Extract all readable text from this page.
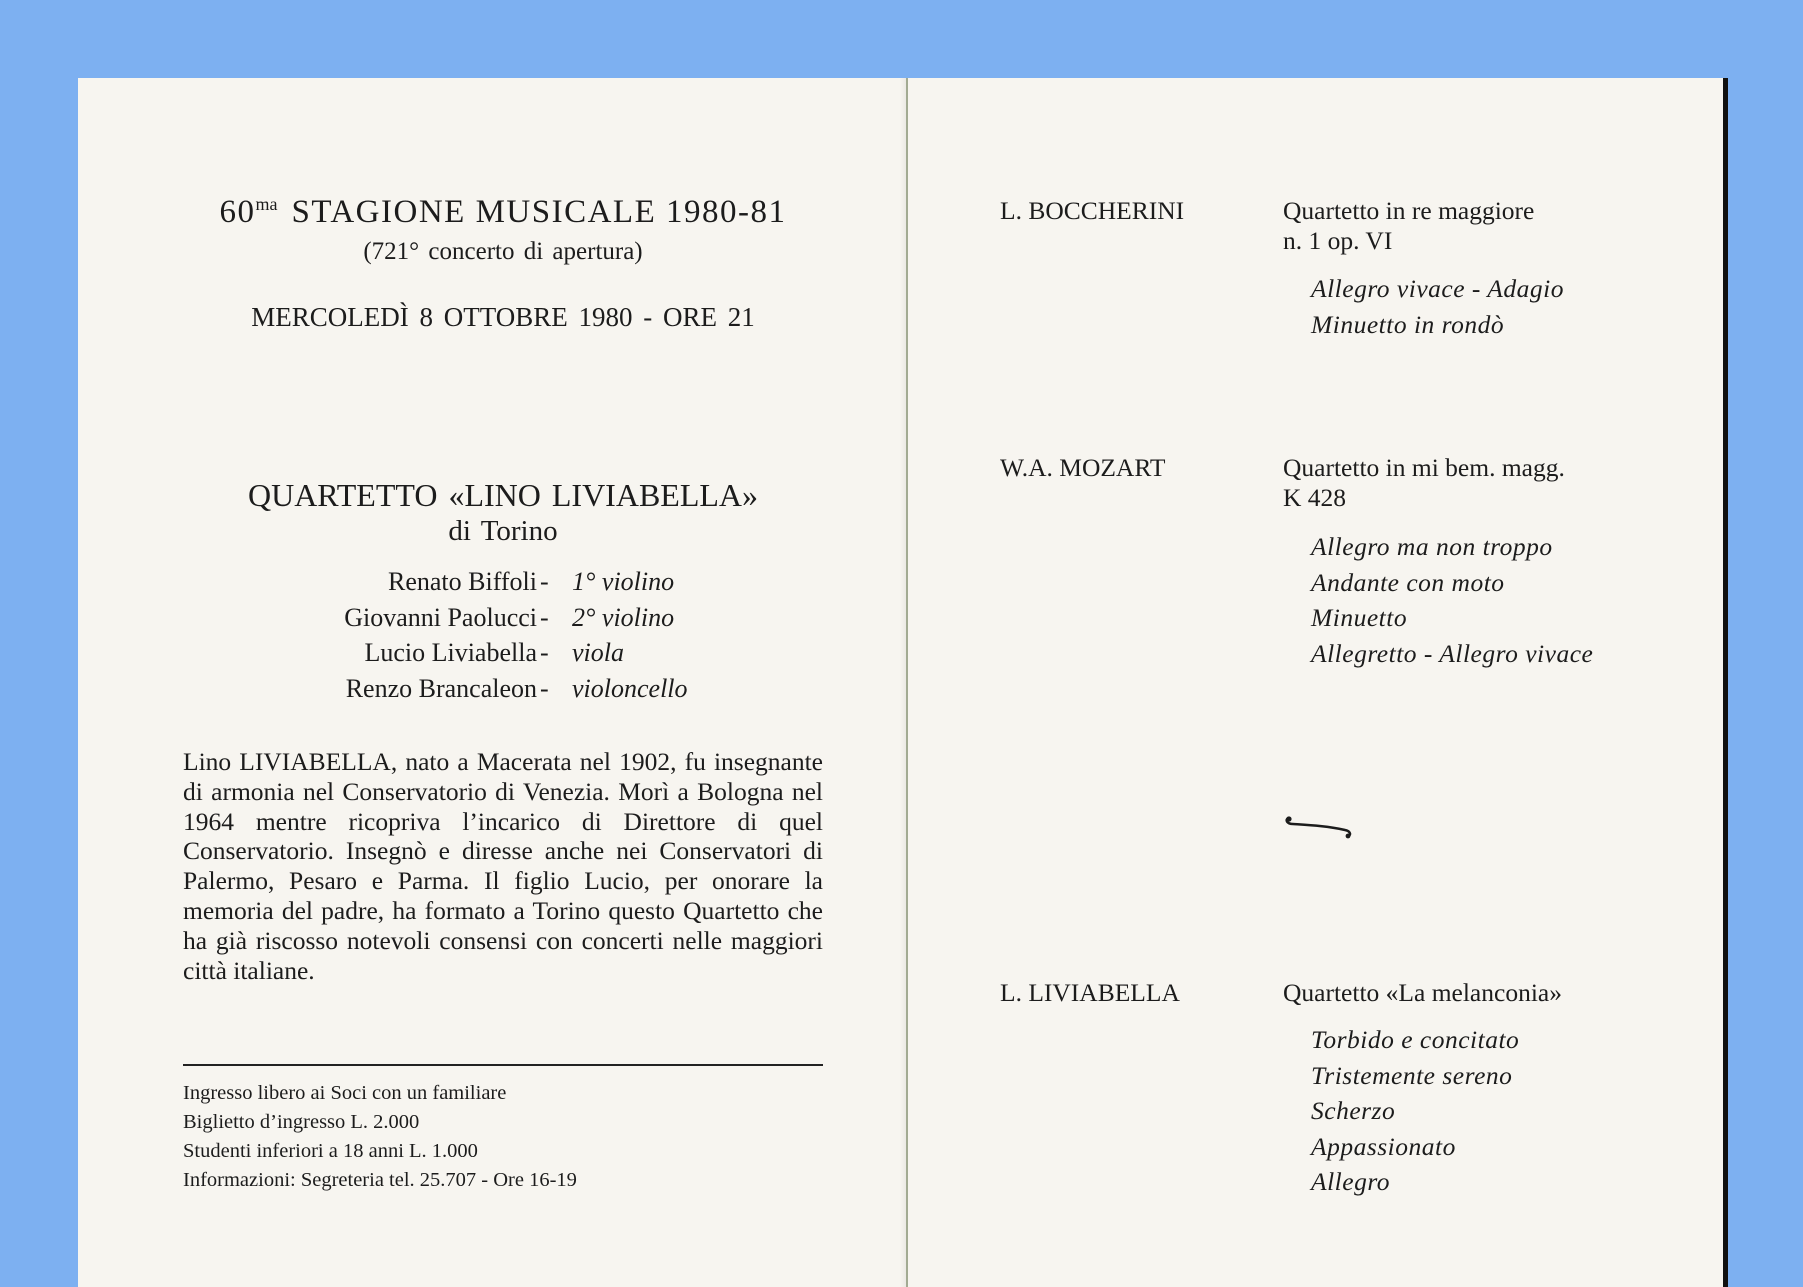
$60^{ma}$ STAGIONE MUSICALE 1980-81
(721° concerto di apertura)
MERCOLEDÌ 8 OTTOBRE 1980 - ORE 21
QUARTETTO «LINO LIVIABELLA»
di Torino
Renato Biffoli - 1° violino
Giovanni Paolucci - 2° violino
Lucio Liviabella - viola
Renzo Brancaleon - violoncello
Lino LIVIABELLA, nato a Macerata nel 1902, fu insegnante di armonia nel Conservatorio di Venezia. Morì a Bologna nel 1964 mentre ricopriva l’incarico di Direttore di quel Conservatorio. Insegnò e diresse anche nei Conservatori di Palermo, Pesaro e Parma. Il figlio Lucio, per onorare la memoria del padre, ha formato a Torino questo Quartetto che ha già riscosso notevoli consensi con concerti nelle maggiori città italiane.
Ingresso libero ai Soci con un familiare
Biglietto d’ingresso L. 2.000
Studenti inferiori a 18 anni L. 1.000
Informazioni: Segreteria tel. 25.707 - Ore 16-19
L. BOCCHERINI	Quartetto in re maggiore
n. 1 op. VI
Allegro vivace - Adagio
Minuetto in rondò
W.A. MOZART	Quartetto in mi bem. magg.
K 428
Allegro ma non troppo
Andante con moto
Minuetto
Allegretto - Allegro vivace
L. LIVIABELLA	Quartetto «La melanconia»
Torbido e concitato
Tristemente sereno
Scherzo
Appassionato
Allegro
